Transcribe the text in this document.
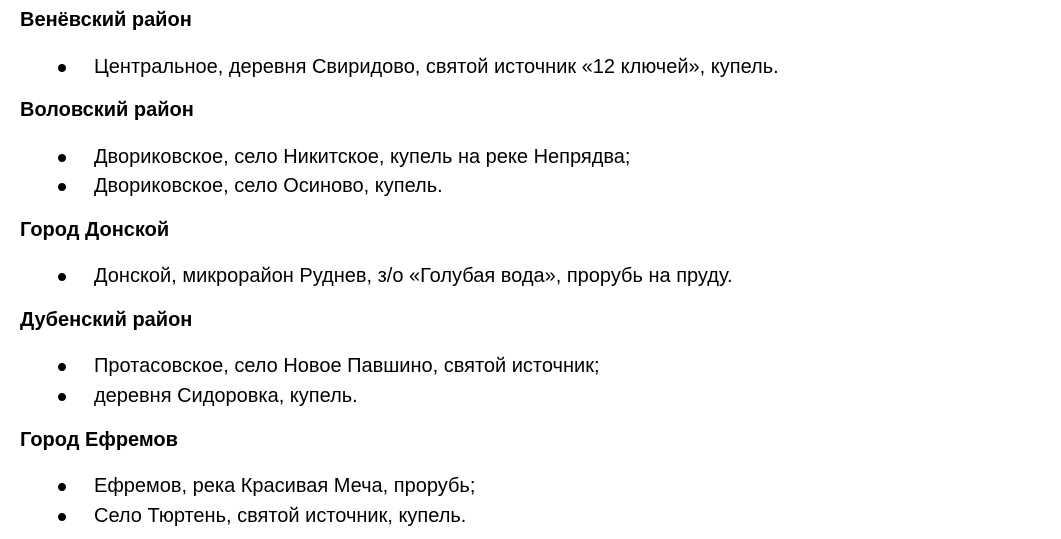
Венёвский район

Центральное, деревня Свиридово, святой источник «12 ключей», купель.

Воловский район

Двориковское, село Никитское, купель на реке Непрядва;

Двориковское, село Осиново, купель.

Город Донской

Донской, микрорайон Руднев, з/о «Голубая вода», прорубь на пруду.

Дубенский район

Протасовское, село Новое Павшино, святой источник;

деревня Сидоровка, купель.

Город Ефремов

Ефремов, река Красивая Меча, прорубь;

Село Тюртень, святой источник, купель.
